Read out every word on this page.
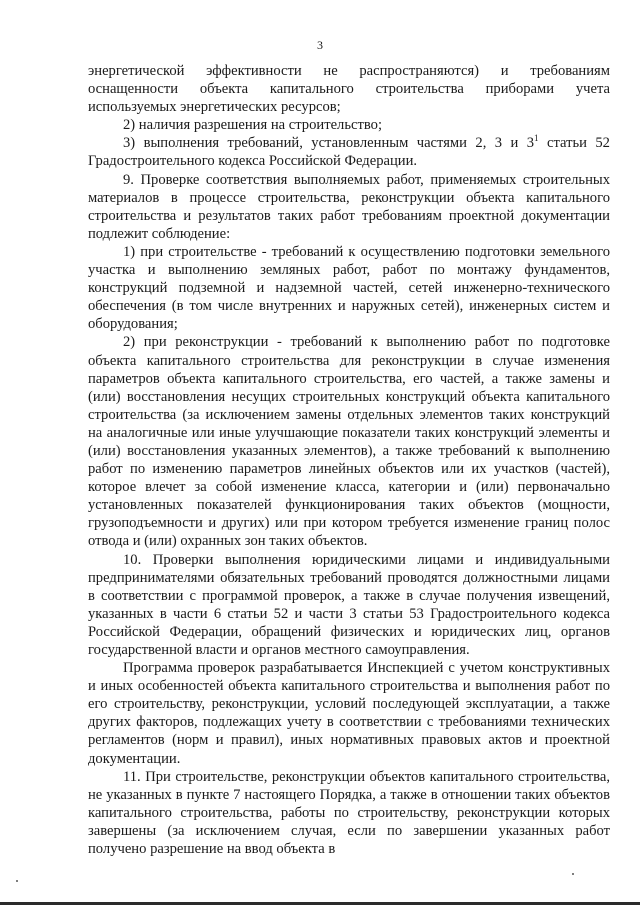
3

энергетической эффективности не распространяются) и требованиям оснащенности объекта капитального строительства приборами учета используемых энергетических ресурсов;

2) наличия разрешения на строительство;

3) выполнения требований, установленным частями 2, 3 и $3^1$ статьи 52 Градостроительного кодекса Российской Федерации.

9. Проверке соответствия выполняемых работ, применяемых строительных материалов в процессе строительства, реконструкции объекта капитального строительства и результатов таких работ требованиям проектной документации подлежит соблюдение:

1) при строительстве - требований к осуществлению подготовки земельного участка и выполнению земляных работ, работ по монтажу фундаментов, конструкций подземной и надземной частей, сетей инженерно-технического обеспечения (в том числе внутренних и наружных сетей), инженерных систем и оборудования;

2) при реконструкции - требований к выполнению работ по подготовке объекта капитального строительства для реконструкции в случае изменения параметров объекта капитального строительства, его частей, а также замены и (или) восстановления несущих строительных конструкций объекта капитального строительства (за исключением замены отдельных элементов таких конструкций на аналогичные или иные улучшающие показатели таких конструкций элементы и (или) восстановления указанных элементов), а также требований к выполнению работ по изменению параметров линейных объектов или их участков (частей), которое влечет за собой изменение класса, категории и (или) первоначально установленных показателей функционирования таких объектов (мощности, грузоподъемности и других) или при котором требуется изменение границ полос отвода и (или) охранных зон таких объектов.

10. Проверки выполнения юридическими лицами и индивидуальными предпринимателями обязательных требований проводятся должностными лицами в соответствии с программой проверок, а также в случае получения извещений, указанных в части 6 статьи 52 и части 3 статьи 53 Градостроительного кодекса Российской Федерации, обращений физических и юридических лиц, органов государственной власти и органов местного самоуправления.

Программа проверок разрабатывается Инспекцией с учетом конструктивных и иных особенностей объекта капитального строительства и выполнения работ по его строительству, реконструкции, условий последующей эксплуатации, а также других факторов, подлежащих учету в соответствии с требованиями технических регламентов (норм и правил), иных нормативных правовых актов и проектной документации.

11. При строительстве, реконструкции объектов капитального строительства, не указанных в пункте 7 настоящего Порядка, а также в отношении таких объектов капитального строительства, работы по строительству, реконструкции которых завершены (за исключением случая, если по завершении указанных работ получено разрешение на ввод объекта в
